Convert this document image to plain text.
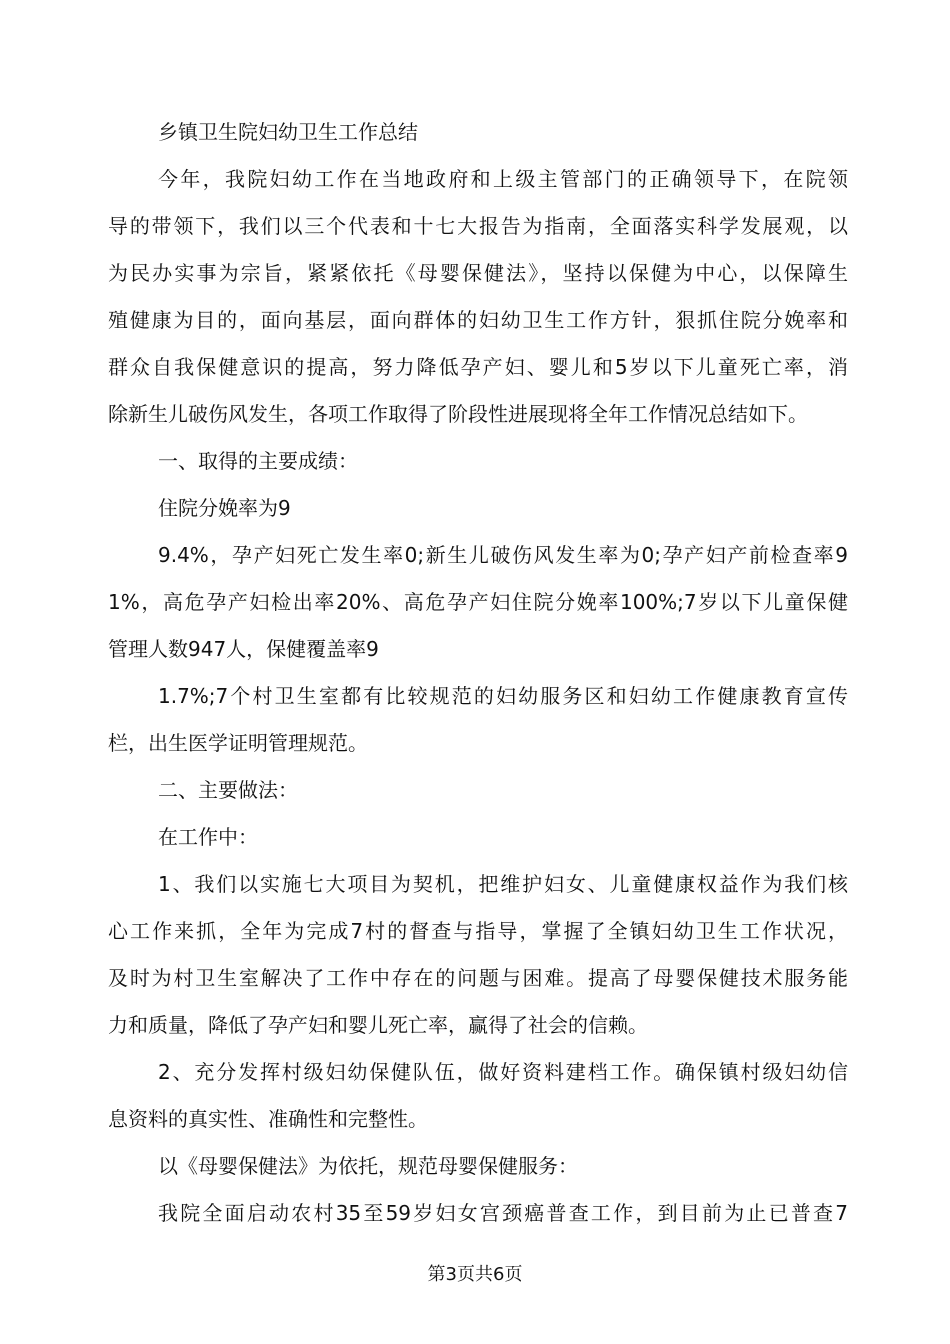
乡镇卫生院妇幼卫生工作总结
今年，我院妇幼工作在当地政府和上级主管部门的正确领导下，在院领
导的带领下，我们以三个代表和十七大报告为指南，全面落实科学发展观，以
为民办实事为宗旨，紧紧依托《母婴保健法》，坚持以保健为中心，以保障生
殖健康为目的，面向基层，面向群体的妇幼卫生工作方针，狠抓住院分娩率和
群众自我保健意识的提高，努力降低孕产妇、婴儿和5岁以下儿童死亡率，消
除新生儿破伤风发生，各项工作取得了阶段性进展现将全年工作情况总结如下。
一、取得的主要成绩：
住院分娩率为9
9.4%，孕产妇死亡发生率0;新生儿破伤风发生率为0;孕产妇产前检查率9
1%，高危孕产妇检出率20%、高危孕产妇住院分娩率100%;7岁以下儿童保健
管理人数947人，保健覆盖率9
1.7%;7个村卫生室都有比较规范的妇幼服务区和妇幼工作健康教育宣传
栏，出生医学证明管理规范。
二、主要做法：
在工作中：
1、我们以实施七大项目为契机，把维护妇女、儿童健康权益作为我们核
心工作来抓，全年为完成7村的督查与指导，掌握了全镇妇幼卫生工作状况，
及时为村卫生室解决了工作中存在的问题与困难。提高了母婴保健技术服务能
力和质量，降低了孕产妇和婴儿死亡率，赢得了社会的信赖。
2、充分发挥村级妇幼保健队伍，做好资料建档工作。确保镇村级妇幼信
息资料的真实性、准确性和完整性。
以《母婴保健法》为依托，规范母婴保健服务：
我院全面启动农村35至59岁妇女宫颈癌普查工作，到目前为止已普查7
第3页共6页
